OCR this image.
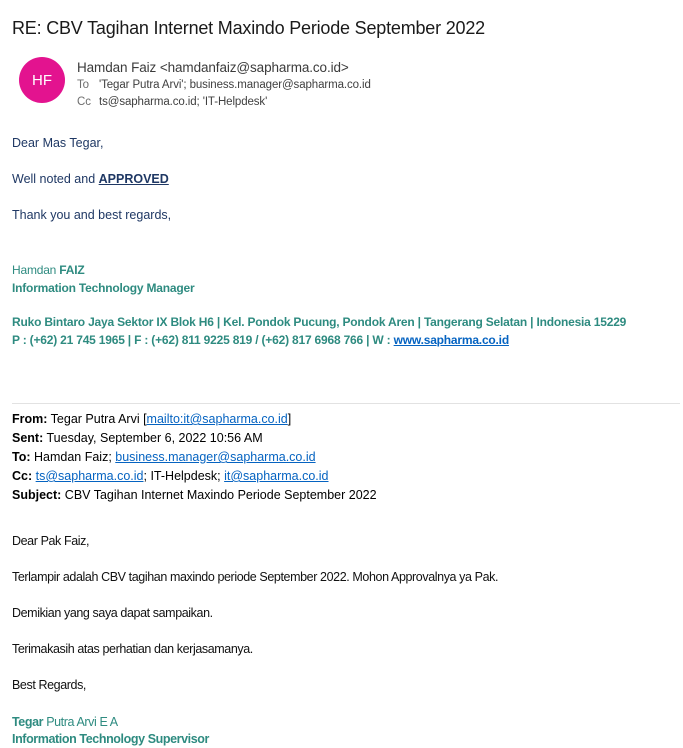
RE: CBV Tagihan Internet Maxindo Periode September 2022
HF
Hamdan Faiz <hamdanfaiz@sapharma.co.id>
To 'Tegar Putra Arvi'; business.manager@sapharma.co.id
Cc ts@sapharma.co.id; 'IT-Helpdesk'

Dear Mas Tegar,

Well noted and APPROVED

Thank you and best regards,

Hamdan FAIZ
Information Technology Manager
Ruko Bintaro Jaya Sektor IX Blok H6 | Kel. Pondok Pucung, Pondok Aren | Tangerang Selatan | Indonesia 15229
P : (+62) 21 745 1965 | F : (+62) 811 9225 819 / (+62) 817 6968 766 | W : www.sapharma.co.id
From: Tegar Putra Arvi [mailto:it@sapharma.co.id]
Sent: Tuesday, September 6, 2022 10:56 AM
To: Hamdan Faiz; business.manager@sapharma.co.id
Cc: ts@sapharma.co.id; IT-Helpdesk; it@sapharma.co.id
Subject: CBV Tagihan Internet Maxindo Periode September 2022

Dear Pak Faiz,

Terlampir adalah CBV tagihan maxindo periode September 2022. Mohon Approvalnya ya Pak.

Demikian yang saya dapat sampaikan.

Terimakasih atas perhatian dan kerjasamanya.

Best Regards,

Tegar Putra Arvi E A
Information Technology Supervisor
